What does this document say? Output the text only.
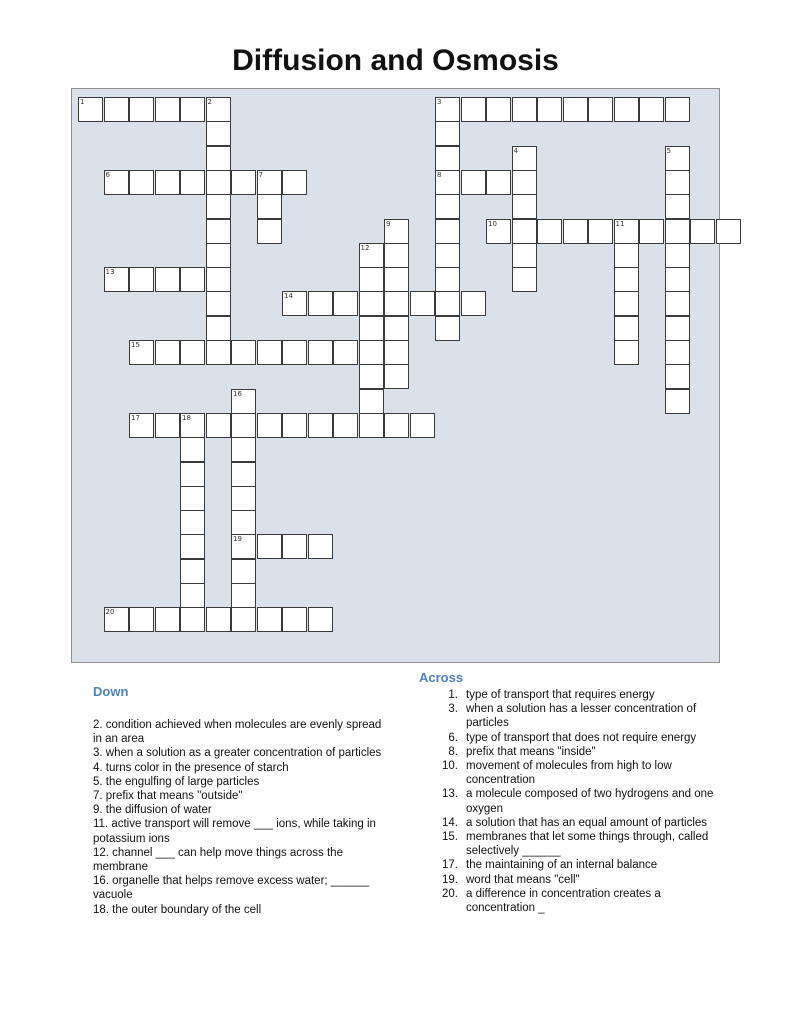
Diffusion and Osmosis
1	2	3
6	7	8
10	11
13
14
15
17	18
19
20
4	5
9
12
16
Down
2. condition achieved when molecules are evenly spread in an area
3. when a solution as a greater concentration of particles
4. turns color in the presence of starch
5. the engulfing of large particles
7. prefix that means "outside"
9. the diffusion of water
11. active transport will remove ___ ions, while taking in potassium ions
12. channel ___ can help move things across the membrane
16. organelle that helps remove excess water; ______ vacuole
18. the outer boundary of the cell
Across
1. type of transport that requires energy
3. when a solution has a lesser concentration of particles
6. type of transport that does not require energy
8. prefix that means "inside"
10. movement of molecules from high to low concentration
13. a molecule composed of two hydrogens and one oxygen
14. a solution that has an equal amount of particles
15. membranes that let some things through, called selectively ______
17. the maintaining of an internal balance
19. word that means "cell"
20. a difference in concentration creates a concentration _
